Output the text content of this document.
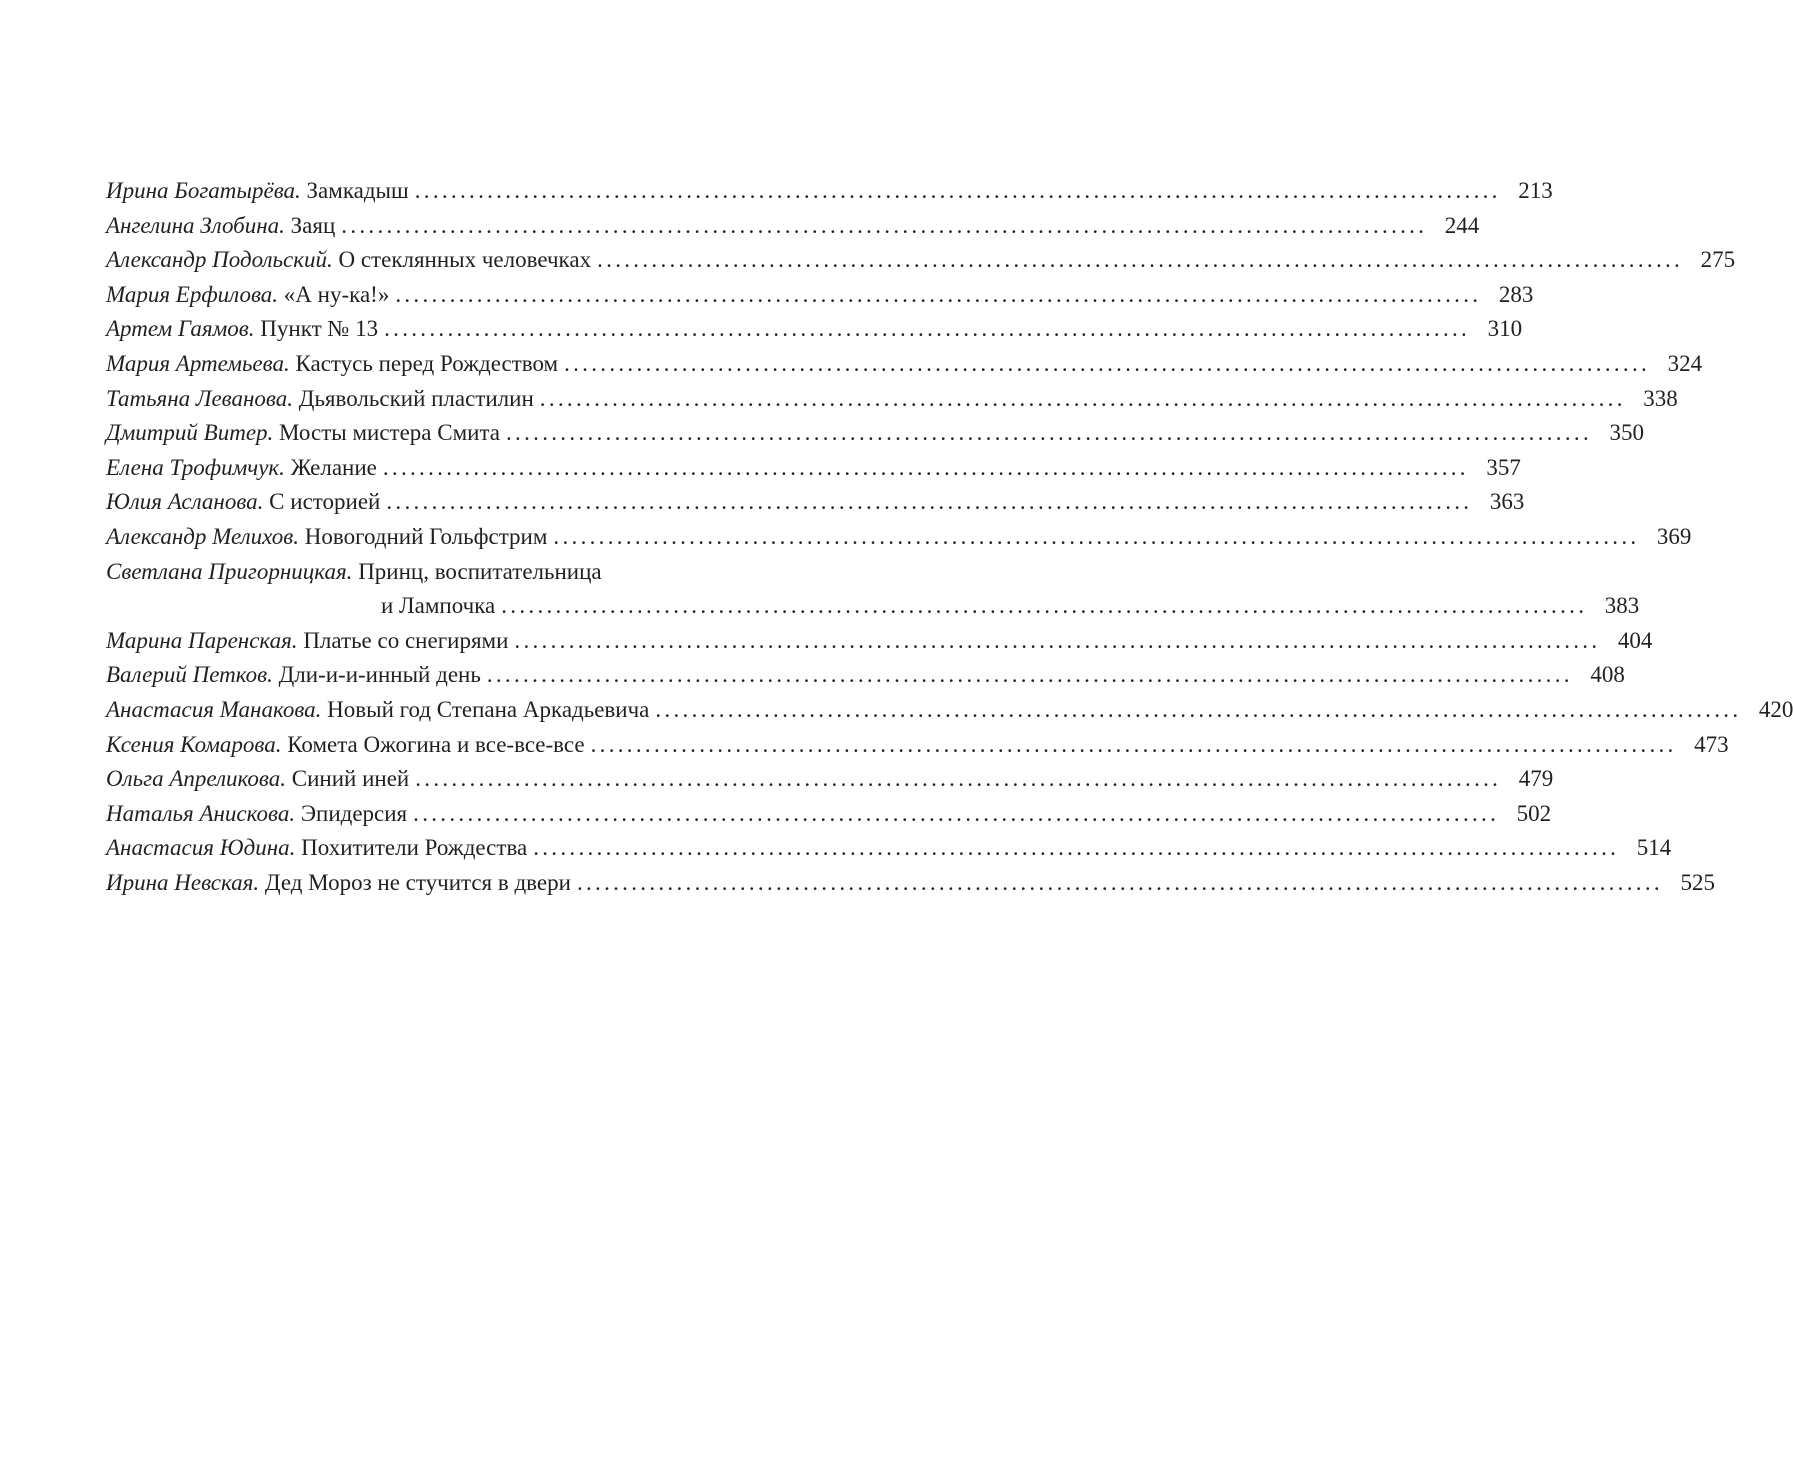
Ирина Богатырёва. Замкадыш ........................................................................................................................ 213
Ангелина Злобина. Заяц ........................................................................................................................ 244
Александр Подольский. О стеклянных человечках ........................................................................................................................ 275
Мария Ерфилова. «А ну-ка!» ........................................................................................................................ 283
Артем Гаямов. Пункт № 13 ........................................................................................................................ 310
Мария Артемьева. Кастусь перед Рождеством ........................................................................................................................ 324
Татьяна Леванова. Дьявольский пластилин ........................................................................................................................ 338
Дмитрий Витер. Мосты мистера Смита ........................................................................................................................ 350
Елена Трофимчук. Желание ........................................................................................................................ 357
Юлия Асланова. С историей ........................................................................................................................ 363
Александр Мелихов. Новогодний Гольфстрим ........................................................................................................................ 369
Светлана Пригорницкая. Принц, воспитательница
и Лампочка ........................................................................................................................ 383
Марина Паренская. Платье со снегирями ........................................................................................................................ 404
Валерий Петков. Дли-и-и-инный день ........................................................................................................................ 408
Анастасия Манакова. Новый год Степана Аркадьевича ........................................................................................................................ 420
Ксения Комарова. Комета Ожогина и все-все-все ........................................................................................................................ 473
Ольга Апреликова. Синий иней ........................................................................................................................ 479
Наталья Анискова. Эпидерсия ........................................................................................................................ 502
Анастасия Юдина. Похитители Рождества ........................................................................................................................ 514
Ирина Невская. Дед Мороз не стучится в двери ........................................................................................................................ 525
